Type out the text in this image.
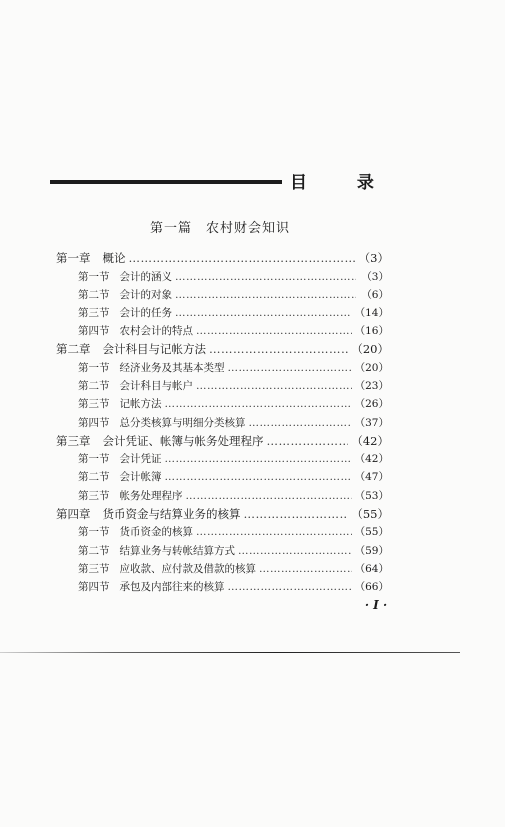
目 录
第一篇　农村财会知识
第一章 概论 …………………………………………………………………………………………………………	（3）
第一节 会计的涵义 …………………………………………………………………………………………………………	（3）
第二节 会计的对象 …………………………………………………………………………………………………………	（6）
第三节 会计的任务 …………………………………………………………………………………………………………	（14）
第四节 农村会计的特点 …………………………………………………………………………………………………………	（16）
第二章 会计科目与记帐方法 …………………………………………………………………………………………………………	（20）
第一节 经济业务及其基本类型 …………………………………………………………………………………………………………	（20）
第二节 会计科目与帐户 …………………………………………………………………………………………………………	（23）
第三节 记帐方法 …………………………………………………………………………………………………………	（26）
第四节 总分类核算与明细分类核算 …………………………………………………………………………………………………………	（37）
第三章 会计凭证、帐簿与帐务处理程序 …………………………………………………………………………………………………………	（42）
第一节 会计凭证 …………………………………………………………………………………………………………	（42）
第二节 会计帐簿 …………………………………………………………………………………………………………	（47）
第三节 帐务处理程序 …………………………………………………………………………………………………………	（53）
第四章 货币资金与结算业务的核算 …………………………………………………………………………………………………………	（55）
第一节 货币资金的核算 …………………………………………………………………………………………………………	（55）
第二节 结算业务与转帐结算方式 …………………………………………………………………………………………………………	（59）
第三节 应收款、应付款及借款的核算 …………………………………………………………………………………………………………	（64）
第四节 承包及内部往来的核算 …………………………………………………………………………………………………………	（66）
· I ·
